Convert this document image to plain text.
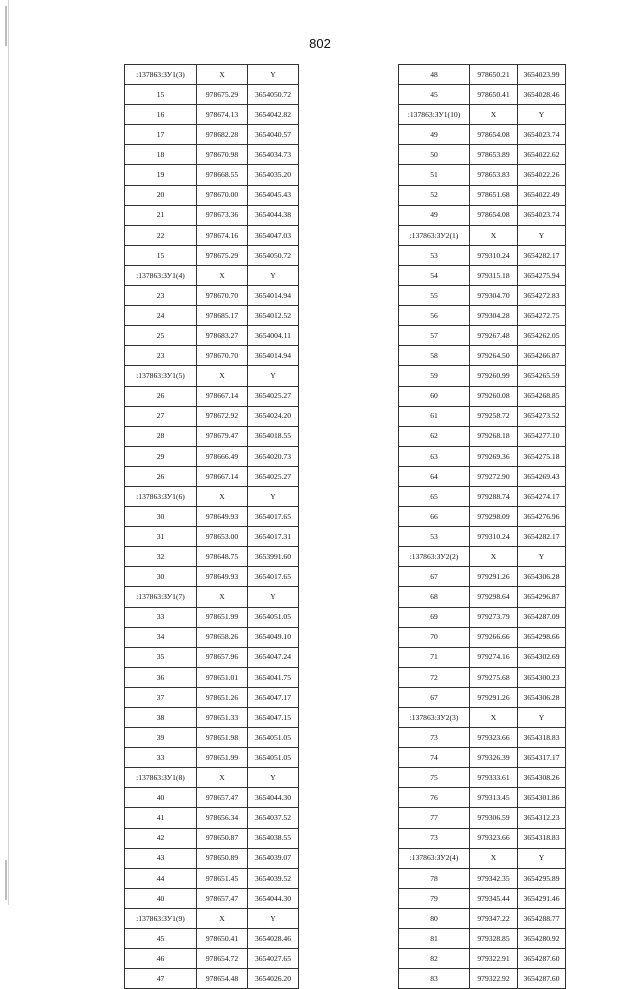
802
:137863:ЗУ1(3)	X	Y
15	978675.29	3654050.72
16	978674.13	3654042.82
17	978682.28	3654040.57
18	978670.98	3654034.73
19	978668.55	3654035.20
20	978670.00	3654045.43
21	978673.36	3654044.38
22	978674.16	3654047.03
15	978675.29	3654050.72
:137863:ЗУ1(4)	X	Y
23	978670.70	3654014.94
24	978685.17	3654012.52
25	978683.27	3654004.11
23	978670.70	3654014.94
:137863:ЗУ1(5)	X	Y
26	978667.14	3654025.27
27	978672.92	3654024.20
28	978679.47	3654018.55
29	978666.49	3654020.73
26	978667.14	3654025.27
:137863:ЗУ1(6)	X	Y
30	978649.93	3654017.65
31	978653.00	3654017.31
32	978648.75	3653991.60
30	978649.93	3654017.65
:137863:ЗУ1(7)	X	Y
33	978651.99	3654051.05
34	978658.26	3654049.10
35	978657.96	3654047.24
36	978651.01	3654041.75
37	978651.26	3654047.17
38	978651.33	3654047.15
39	978651.98	3654051.05
33	978651.99	3654051.05
:137863:ЗУ1(8)	X	Y
40	978657.47	3654044.30
41	978656.34	3654037.52
42	978650.87	3654038.55
43	978650.89	3654039.07
44	978651.45	3654039.52
40	978657.47	3654044.30
:137863:ЗУ1(9)	X	Y
45	978650.41	3654028.46
46	978654.72	3654027.65
47	978654.48	3654026.20
48	978650.21	3654023.99
45	978650.41	3654028.46
:137863:ЗУ1(10)	X	Y
49	978654.08	3654023.74
50	978653.89	3654022.62
51	978653.83	3654022.26
52	978651.68	3654022.49
49	978654.08	3654023.74
:137863:ЗУ2(1)	X	Y
53	979310.24	3654282.17
54	979315.18	3654275.94
55	979304.70	3654272.83
56	979304.28	3654272.75
57	979267.48	3654262.05
58	979264.50	3654266.87
59	979260.99	3654265.59
60	979260.08	3654268.85
61	979258.72	3654273.52
62	979268.18	3654277.10
63	979269.36	3654275.18
64	979272.90	3654269.43
65	979288.74	3654274.17
66	979298.09	3654276.96
53	979310.24	3654282.17
:137863:ЗУ2(2)	X	Y
67	979291.26	3654306.28
68	979298.64	3654296.87
69	979273.79	3654287.09
70	979266.66	3654298.66
71	979274.16	3654302.69
72	979275.68	3654300.23
67	979291.26	3654306.28
:137863:ЗУ2(3)	X	Y
73	979323.66	3654318.83
74	979326.39	3654317.17
75	979333.61	3654308.26
76	979313.45	3654301.86
77	979306.59	3654312.23
73	979323.66	3654318.83
:137863:ЗУ2(4)	X	Y
78	979342.35	3654295.89
79	979345.44	3654291.46
80	979347.22	3654288.77
81	979328.85	3654280.92
82	979322.91	3654287.60
83	979322.92	3654287.60
